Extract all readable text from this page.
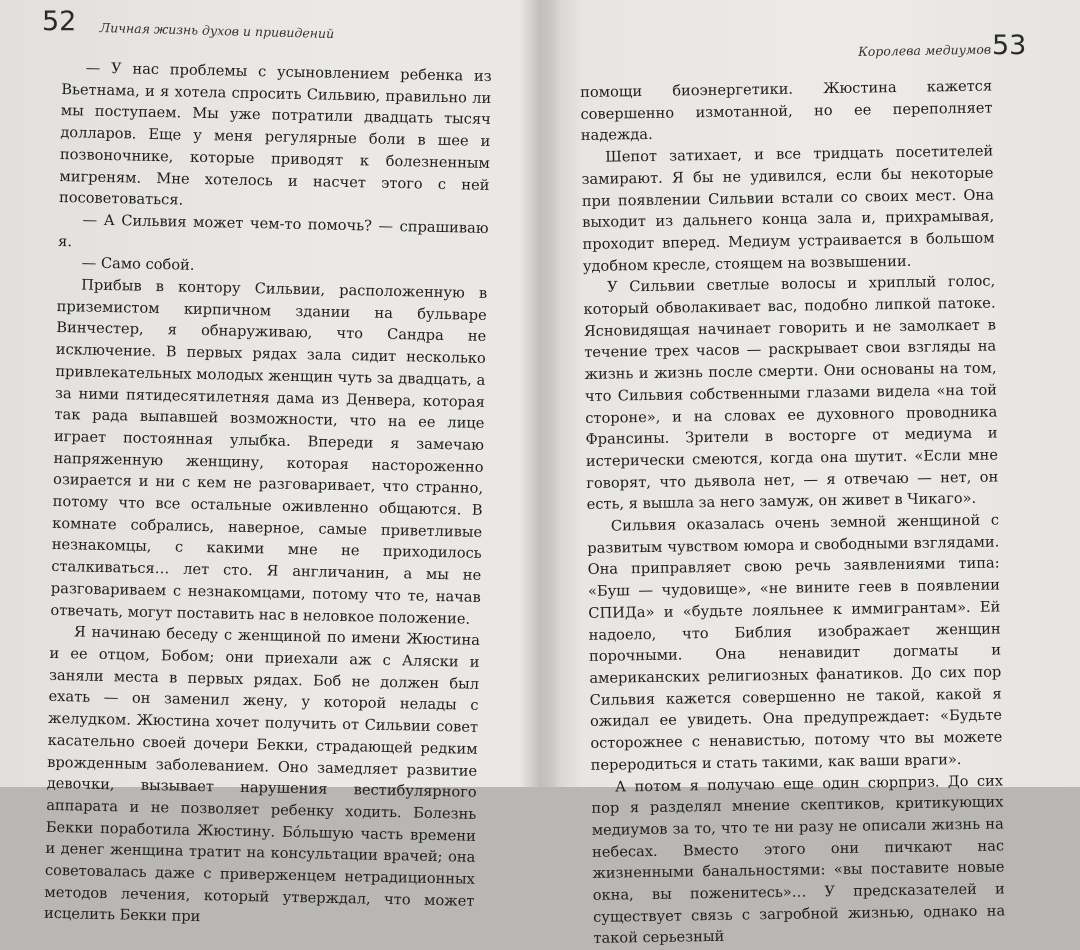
52 Личная жизнь духов и привидений

— У нас проблемы с усыновлением ребенка из Вьетнама, и я хотела спросить Сильвию, правильно ли мы поступаем. Мы уже потратили двадцать тысяч долларов. Еще у меня регулярные боли в шее и позвоночнике, которые приводят к болезненным мигреням. Мне хотелось и насчет этого с ней посоветоваться.

— А Сильвия может чем-то помочь? — спрашиваю я.

— Само собой.

Прибыв в контору Сильвии, расположенную в приземистом кирпичном здании на бульваре Винчестер, я обнаруживаю, что Сандра не исключение. В первых рядах зала сидит несколько привлекательных молодых женщин чуть за двадцать, а за ними пятидесятилетняя дама из Денвера, которая так рада выпавшей возможности, что на ее лице играет постоянная улыбка. Впереди я замечаю напряженную женщину, которая настороженно озирается и ни с кем не разговаривает, что странно, потому что все остальные оживленно общаются. В комнате собрались, наверное, самые приветливые незнакомцы, с какими мне не приходилось сталкиваться… лет сто. Я англичанин, а мы не разговариваем с незнакомцами, потому что те, начав отвечать, могут поставить нас в неловкое положение.

Я начинаю беседу с женщиной по имени Жюстина и ее отцом, Бобом; они приехали аж с Аляски и заняли места в первых рядах. Боб не должен был ехать — он заменил жену, у которой нелады с желудком. Жюстина хочет получить от Сильвии совет касательно своей дочери Бекки, страдающей редким врожденным заболеванием. Оно замедляет развитие девочки, вызывает нарушения вестибулярного аппарата и не позволяет ребенку ходить. Болезнь Бекки поработила Жюстину. Бóльшую часть времени и денег женщина тратит на консультации врачей; она советовалась даже с приверженцем нетрадиционных методов лечения, который утверждал, что может исцелить Бекки при

Королева медиумов 53

помощи биоэнергетики. Жюстина кажется совершенно измотанной, но ее переполняет надежда.

Шепот затихает, и все тридцать посетителей замирают. Я бы не удивился, если бы некоторые при появлении Сильвии встали со своих мест. Она выходит из дальнего конца зала и, прихрамывая, проходит вперед. Медиум устраивается в большом удобном кресле, стоящем на возвышении.

У Сильвии светлые волосы и хриплый голос, который обволакивает вас, подобно липкой патоке. Ясновидящая начинает говорить и не замолкает в течение трех часов — раскрывает свои взгляды на жизнь и жизнь после смерти. Они основаны на том, что Сильвия собственными глазами видела «на той стороне», и на словах ее духовного проводника Франсины. Зрители в восторге от медиума и истерически смеются, когда она шутит. «Если мне говорят, что дьявола нет, — я отвечаю — нет, он есть, я вышла за него замуж, он живет в Чикаго».

Сильвия оказалась очень земной женщиной с развитым чувством юмора и свободными взглядами. Она приправляет свою речь заявлениями типа: «Буш — чудовище», «не вините геев в появлении СПИДа» и «будьте лояльнее к иммигрантам». Ей надоело, что Библия изображает женщин порочными. Она ненавидит догматы и американских религиозных фанатиков. До сих пор Сильвия кажется совершенно не такой, какой я ожидал ее увидеть. Она предупреждает: «Будьте осторожнее с ненавистью, потому что вы можете переродиться и стать такими, как ваши враги».

А потом я получаю еще один сюрприз. До сих пор я разделял мнение скептиков, критикующих медиумов за то, что те ни разу не описали жизнь на небесах. Вместо этого они пичкают нас жизненными банальностями: «вы поставите новые окна, вы поженитесь»… У предсказателей и существует связь с загробной жизнью, однако на такой серьезный
